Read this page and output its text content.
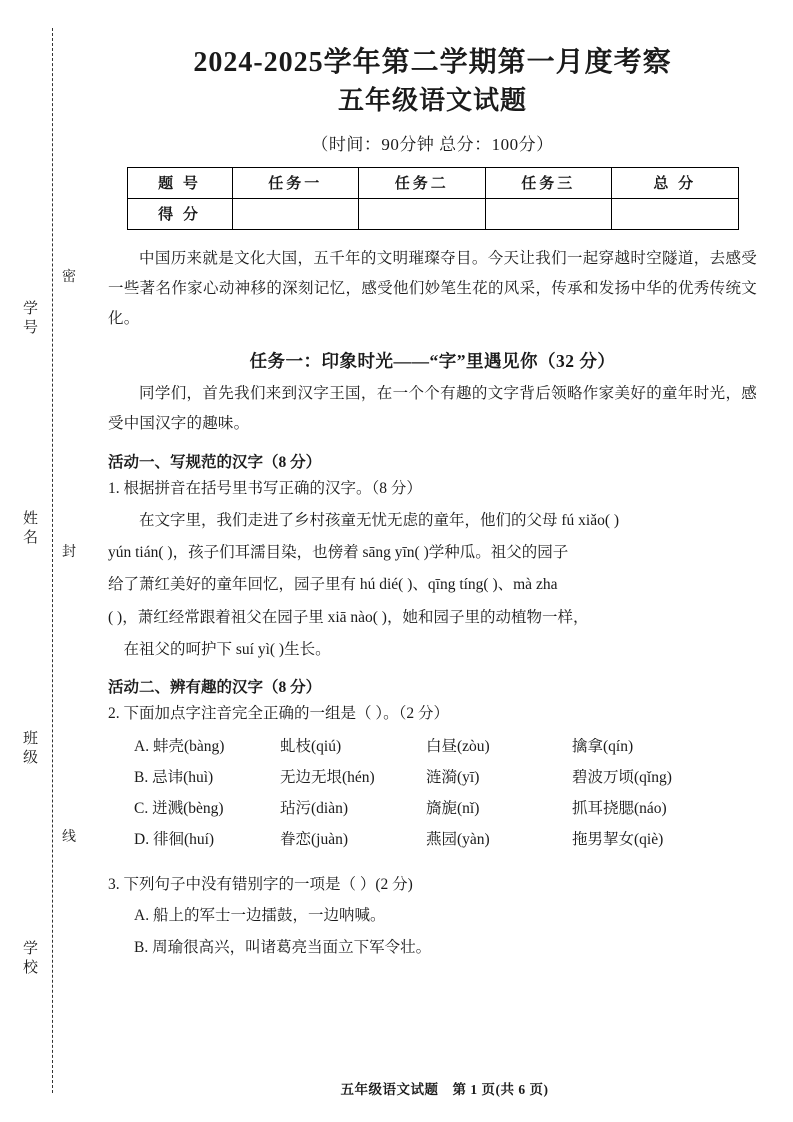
学 号
姓 名
班 级
学 校
密
封
线
2024-2025学年第二学期第一月度考察
五年级语文试题
（时间：90分钟 总分：100分）
题 号	任务一	任务二	任务三	总 分
得 分				
中国历来就是文化大国，五千年的文明璀璨夺目。今天让我们一起穿越时空隧道，去感受一些著名作家心动神移的深刻记忆，感受他们妙笔生花的风采，传承和发扬中华的优秀传统文化。
任务一：印象时光——“字”里遇见你（32 分）
同学们，首先我们来到汉字王国，在一个个有趣的文字背后领略作家美好的童年时光，感受中国汉字的趣味。
活动一、写规范的汉字（8 分）
1. 根据拼音在括号里书写正确的汉字。（8 分）
在文字里，我们走进了乡村孩童无忧无虑的童年，他们的父母 fú xiǎo( )
yún tián( )，孩子们耳濡目染，也傍着 sāng yīn( )学种瓜。祖父的园子
给了萧红美好的童年回忆，园子里有 hú dié( )、qīng tíng( )、mà zha
( )，萧红经常跟着祖父在园子里 xiā nào( )，她和园子里的动植物一样，
在祖父的呵护下 suí yì( )生长。
活动二、辨有趣的汉字（8 分）
2. 下面加点字注音完全正确的一组是（ ）。（2 分）
A. 蚌壳(bàng)	虬枝(qiú)	白昼(zòu)	擒拿(qín)
B. 忌讳(huì)	无边无垠(hén)	涟漪(yī)	碧波万顷(qǐng)
C. 迸溅(bèng)	玷污(diàn)	旖旎(nǐ)	抓耳挠腮(náo)
D. 徘徊(huí)	眷恋(juàn)	燕园(yàn)	拖男挈女(qiè)
3. 下列句子中没有错别字的一项是（ ）(2 分)
A. 船上的军士一边擂鼓，一边呐喊。
B. 周瑜很高兴，叫诸葛亮当面立下军令壮。
五年级语文试题 第 1 页(共 6 页)
